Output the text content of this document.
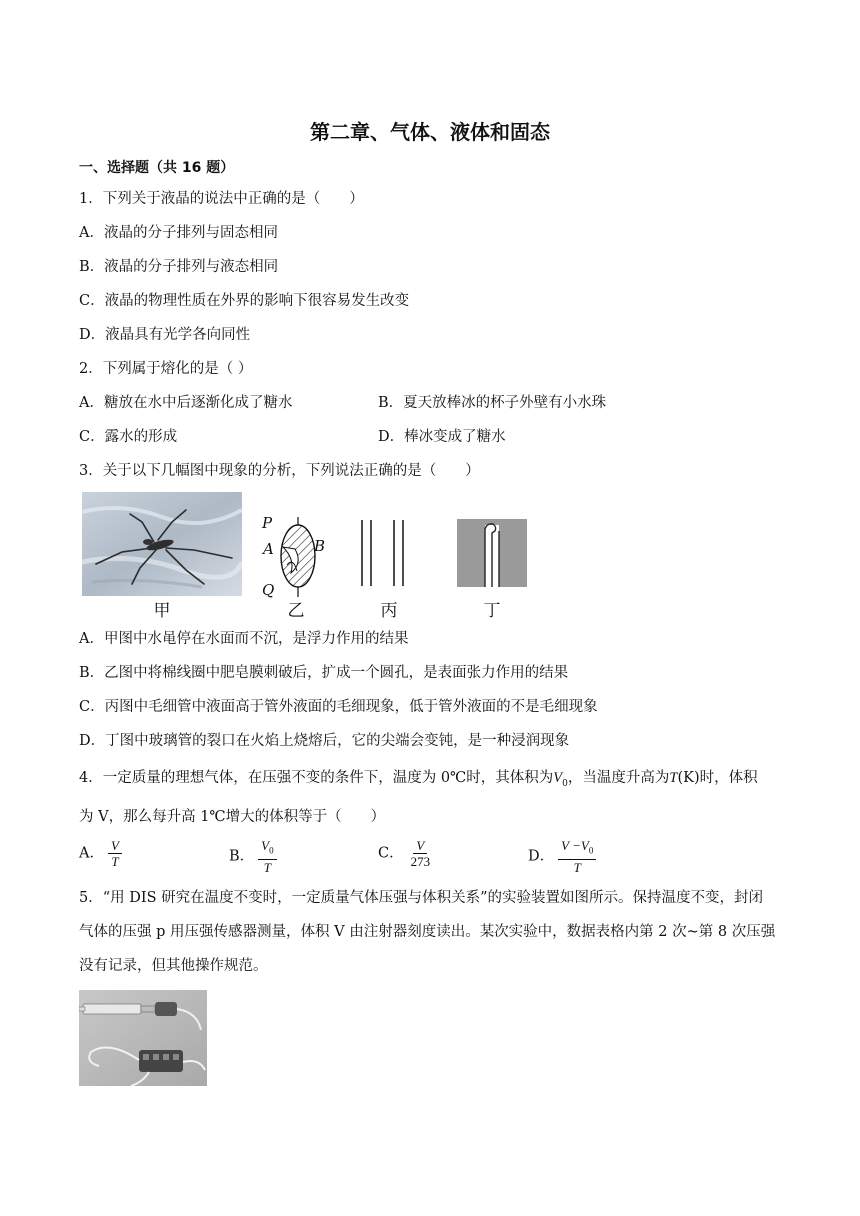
第二章、气体、液体和固态
一、选择题（共 16 题）
1．下列关于液晶的说法中正确的是（　　）
A．液晶的分子排列与固态相同
B．液晶的分子排列与液态相同
C．液晶的物理性质在外界的影响下很容易发生改变
D．液晶具有光学各向同性
2．下列属于熔化的是（ ）
A．糖放在水中后逐渐化成了糖水	B．夏天放棒冰的杯子外壁有小水珠
C．露水的形成	D．棒冰变成了糖水
3．关于以下几幅图中现象的分析，下列说法正确的是（　　）
甲
P
A	B
Q
乙	丙	丁
A．甲图中水黾停在水面而不沉，是浮力作用的结果
B．乙图中将棉线圈中肥皂膜刺破后，扩成一个圆孔，是表面张力作用的结果
C．丙图中毛细管中液面高于管外液面的毛细现象，低于管外液面的不是毛细现象
D．丁图中玻璃管的裂口在火焰上烧熔后，它的尖端会变钝，是一种浸润现象
4．一定质量的理想气体，在压强不变的条件下，温度为 0℃时，其体积为$V_0$，当温度升高为T(K)时，体积
为 V，那么每升高 1℃增大的体积等于（　　）
A． $\frac{V}{T}$	B． $\frac{V_0}{T}$	C． $\frac{V}{273}$	D． $\frac{V -V_0}{T}$
5．“用 DIS 研究在温度不变时，一定质量气体压强与体积关系”的实验装置如图所示。保持温度不变，封闭
气体的压强 p 用压强传感器测量，体积 V 由注射器刻度读出。某次实验中，数据表格内第 2 次~第 8 次压强
没有记录，但其他操作规范。
